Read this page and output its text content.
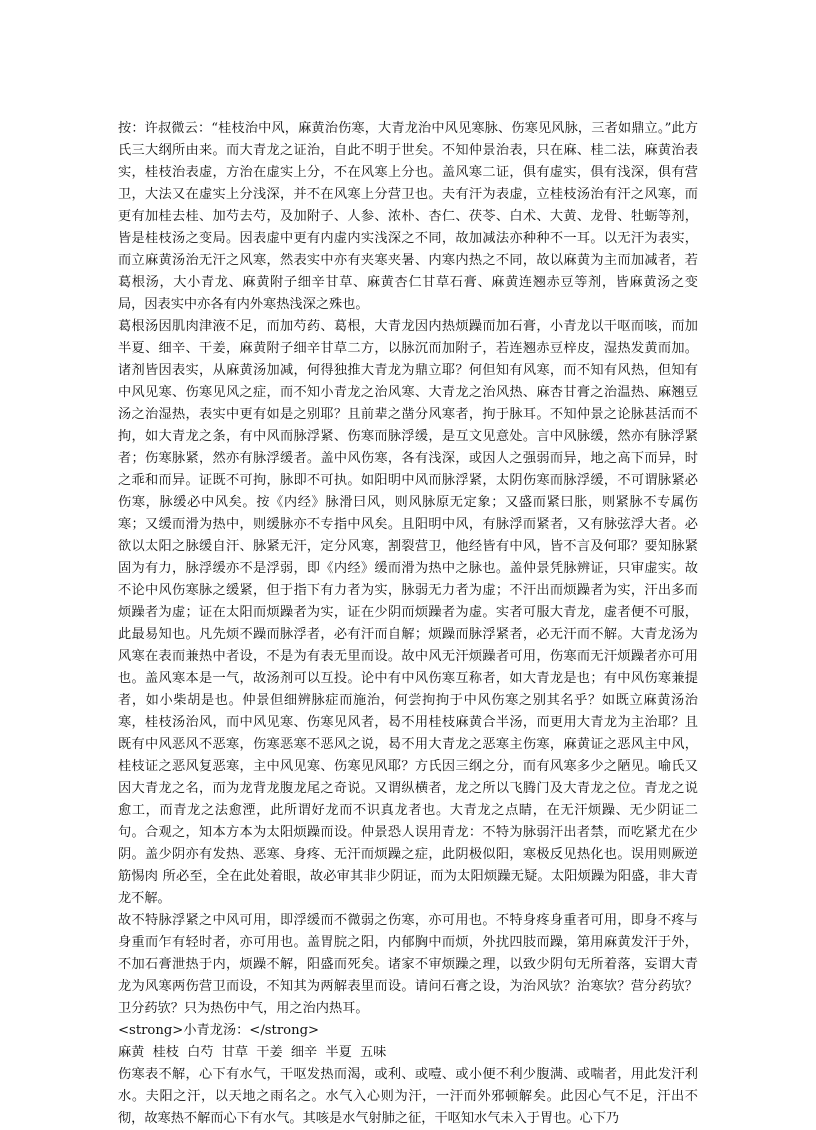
按：许叔微云：“桂枝治中风，麻黄治伤寒，大青龙治中风见寒脉、伤寒见风脉，三者如鼎立。”此方氏三大纲所由来。而大青龙之证治，自此不明于世矣。不知仲景治表，只在麻、桂二法，麻黄治表实，桂枝治表虚，方治在虚实上分，不在风寒上分也。盖风寒二证，俱有虚实，俱有浅深，俱有营卫，大法又在虚实上分浅深，并不在风寒上分营卫也。夫有汗为表虚，立桂枝汤治有汗之风寒，而更有加桂去桂、加芍去芍，及加附子、人参、浓朴、杏仁、茯苓、白术、大黄、龙骨、牡蛎等剂，皆是桂枝汤之变局。因表虚中更有内虚内实浅深之不同，故加减法亦种种不一耳。以无汗为表实，而立麻黄汤治无汗之风寒，然表实中亦有夹寒夹暑、内寒内热之不同，故以麻黄为主而加减者，若葛根汤，大小青龙、麻黄附子细辛甘草、麻黄杏仁甘草石膏、麻黄连翘赤豆等剂，皆麻黄汤之变局，因表实中亦各有内外寒热浅深之殊也。

葛根汤因肌肉津液不足，而加芍药、葛根，大青龙因内热烦躁而加石膏，小青龙以干呕而咳，而加半夏、细辛、干姜，麻黄附子细辛甘草二方，以脉沉而加附子，若连翘赤豆梓皮，湿热发黄而加。诸剂皆因表实，从麻黄汤加减，何得独推大青龙为鼎立耶？何但知有风寒，而不知有风热，但知有中风见寒、伤寒见风之症，而不知小青龙之治风寒、大青龙之治风热、麻杏甘膏之治温热、麻翘豆汤之治湿热，表实中更有如是之别耶？且前辈之凿分风寒者，拘于脉耳。不知仲景之论脉甚活而不拘，如大青龙之条，有中风而脉浮紧、伤寒而脉浮缓，是互文见意处。言中风脉缓，然亦有脉浮紧者；伤寒脉紧，然亦有脉浮缓者。盖中风伤寒，各有浅深，或因人之强弱而异，地之高下而异，时之乖和而异。证既不可拘，脉即不可执。如阳明中风而脉浮紧，太阴伤寒而脉浮缓，不可谓脉紧必伤寒，脉缓必中风矣。按《内经》脉滑曰风，则风脉原无定象；又盛而紧曰胀，则紧脉不专属伤寒；又缓而滑为热中，则缓脉亦不专指中风矣。且阳明中风，有脉浮而紧者，又有脉弦浮大者。必欲以太阳之脉缓自汗、脉紧无汗，定分风寒，割裂营卫，他经皆有中风，皆不言及何耶？要知脉紧固为有力，脉浮缓亦不是浮弱，即《内经》缓而滑为热中之脉也。盖仲景凭脉辨证，只审虚实。故不论中风伤寒脉之缓紧，但于指下有力者为实，脉弱无力者为虚；不汗出而烦躁者为实，汗出多而烦躁者为虚；证在太阳而烦躁者为实，证在少阴而烦躁者为虚。实者可服大青龙，虚者便不可服，此最易知也。凡先烦不躁而脉浮者，必有汗而自解；烦躁而脉浮紧者，必无汗而不解。大青龙汤为风寒在表而兼热中者设，不是为有表无里而设。故中风无汗烦躁者可用，伤寒而无汗烦躁者亦可用也。盖风寒本是一气，故汤剂可以互投。论中有中风伤寒互称者，如大青龙是也；有中风伤寒兼提者，如小柴胡是也。仲景但细辨脉症而施治，何尝拘拘于中风伤寒之别其名乎？如既立麻黄汤治寒，桂枝汤治风，而中风见寒、伤寒见风者，曷不用桂枝麻黄合半汤，而更用大青龙为主治耶？且既有中风恶风不恶寒，伤寒恶寒不恶风之说，曷不用大青龙之恶寒主伤寒，麻黄证之恶风主中风，桂枝证之恶风复恶寒，主中风见寒、伤寒见风耶？方氏因三纲之分，而有风寒多少之陋见。喻氏又因大青龙之名，而为龙背龙腹龙尾之奇说。又谓纵横者，龙之所以飞腾门及大青龙之位。青龙之说愈工，而青龙之法愈湮，此所谓好龙而不识真龙者也。大青龙之点睛，在无汗烦躁、无少阴证二句。合观之，知本方本为太阳烦躁而设。仲景恐人误用青龙：不特为脉弱汗出者禁，而吃紧尤在少阴。盖少阴亦有发热、恶寒、身疼、无汗而烦躁之症，此阴极似阳，寒极反见热化也。误用则厥逆筋惕肉 所必至，全在此处着眼，故必审其非少阴证，而为太阳烦躁无疑。太阳烦躁为阳盛，非大青龙不解。

故不特脉浮紧之中风可用，即浮缓而不微弱之伤寒，亦可用也。不特身疼身重者可用，即身不疼与身重而乍有轻时者，亦可用也。盖胃脘之阳，内郁胸中而烦，外扰四肢而躁，第用麻黄发汗于外，不加石膏泄热于内，烦躁不解，阳盛而死矣。诸家不审烦躁之理，以致少阴句无所着落，妄谓大青龙为风寒两伤营卫而设，不知其为两解表里而设。请问石膏之设，为治风欤？治寒欤？营分药欤？卫分药欤？只为热伤中气，用之治内热耳。

<strong>小青龙汤：</strong>

麻黄 桂枝 白芍 甘草 干姜 细辛 半夏 五味

伤寒表不解，心下有水气，干呕发热而渴，或利、或噎、或小便不利少腹满、或喘者，用此发汗利水。夫阳之汗，以天地之雨名之。水气入心则为汗，一汗而外邪顿解矣。此因心气不足，汗出不彻，故寒热不解而心下有水气。其咳是水气射肺之征，干呕知水气未入于胃也。心下乃
